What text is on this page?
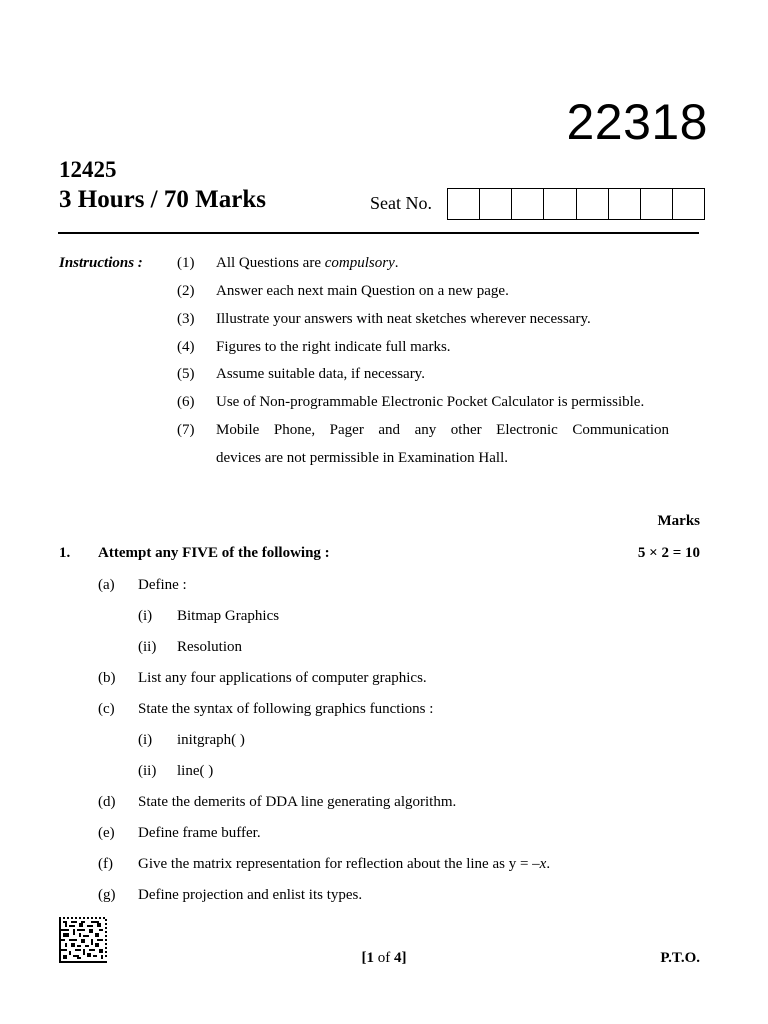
22318
12425
3 Hours / 70 Marks	Seat No.
Instructions : (1)	All Questions are compulsory.
(2)	Answer each next main Question on a new page.
(3)	Illustrate your answers with neat sketches wherever necessary.
(4)	Figures to the right indicate full marks.
(5)	Assume suitable data, if necessary.
(6)	Use of Non-programmable Electronic Pocket Calculator is permissible.
(7)	Mobile Phone, Pager and any other Electronic Communication
devices are not permissible in Examination Hall.
Marks
1. Attempt any FIVE of the following :	5 × 2 = 10
(a) Define :
(i) Bitmap Graphics
(ii) Resolution
(b) List any four applications of computer graphics.
(c) State the syntax of following graphics functions :
(i) initgraph( )
(ii) line( )
(d) State the demerits of DDA line generating algorithm.
(e) Define frame buffer.
(f) Give the matrix representation for reflection about the line as y = –x.
(g) Define projection and enlist its types.
[1 of 4]	P.T.O.
